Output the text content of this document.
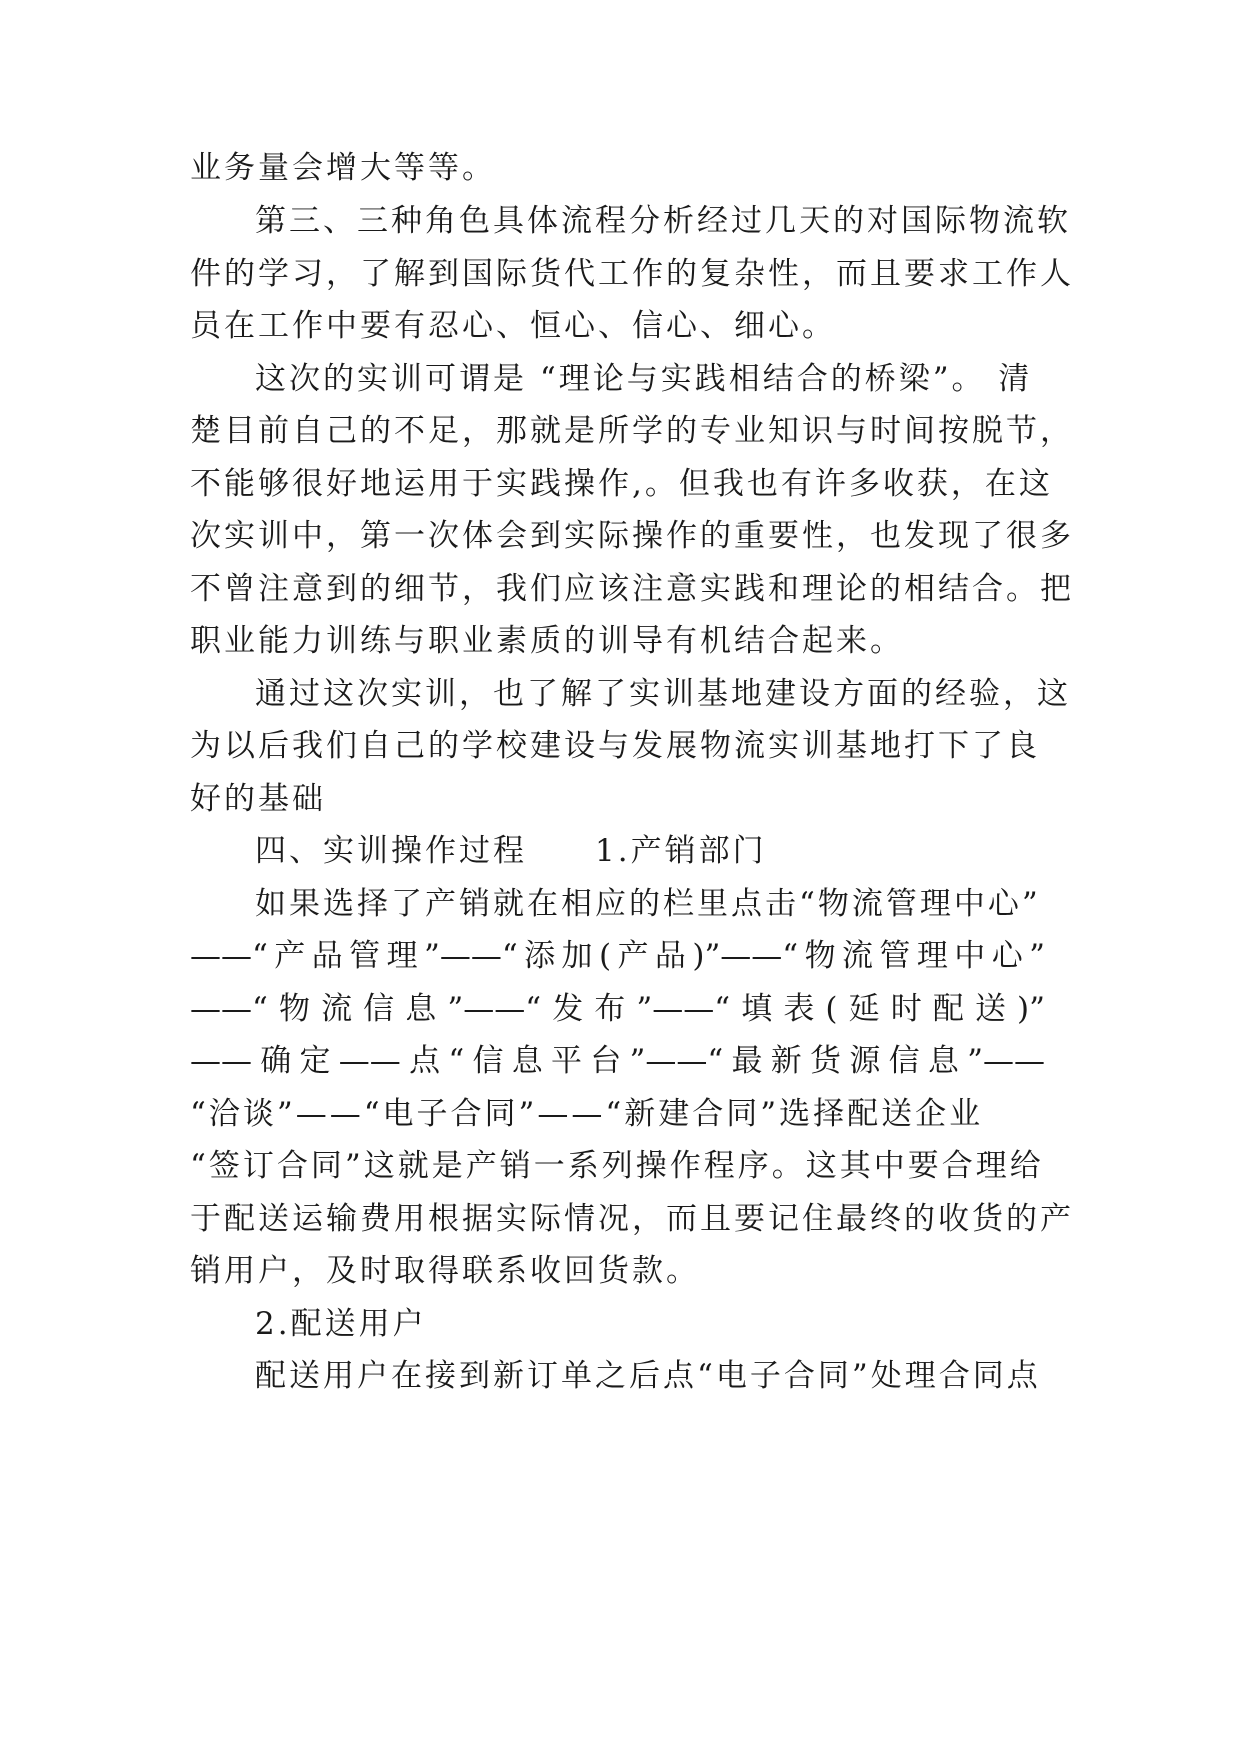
业务量会增大等等。
第三、三种角色具体流程分析经过几天的对国际物流软
件的学习，了解到国际货代工作的复杂性，而且要求工作人
员在工作中要有忍心、恒心、信心、细心。
这次的实训可谓是 “理论与实践相结合的桥梁”。 清
楚目前自己的不足，那就是所学的专业知识与时间按脱节，
不能够很好地运用于实践操作,。但我也有许多收获，在这
次实训中，第一次体会到实际操作的重要性，也发现了很多
不曾注意到的细节，我们应该注意实践和理论的相结合。把
职业能力训练与职业素质的训导有机结合起来。
通过这次实训，也了解了实训基地建设方面的经验，这
为以后我们自己的学校建设与发展物流实训基地打下了良
好的基础
四、实训操作过程　　1.产销部门
如果选择了产销就在相应的栏里点击“物流管理中心”
——“产品管理”——“添加(产品)”——“物流管理中心”
——“物流信息”——“发布”——“填表(延时配送)”
——确定——点“信息平台”——“最新货源信息”——
“洽谈”——“电子合同”——“新建合同”选择配送企业
“签订合同”这就是产销一系列操作程序。这其中要合理给
于配送运输费用根据实际情况，而且要记住最终的收货的产
销用户，及时取得联系收回货款。
2.配送用户
配送用户在接到新订单之后点“电子合同”处理合同点
